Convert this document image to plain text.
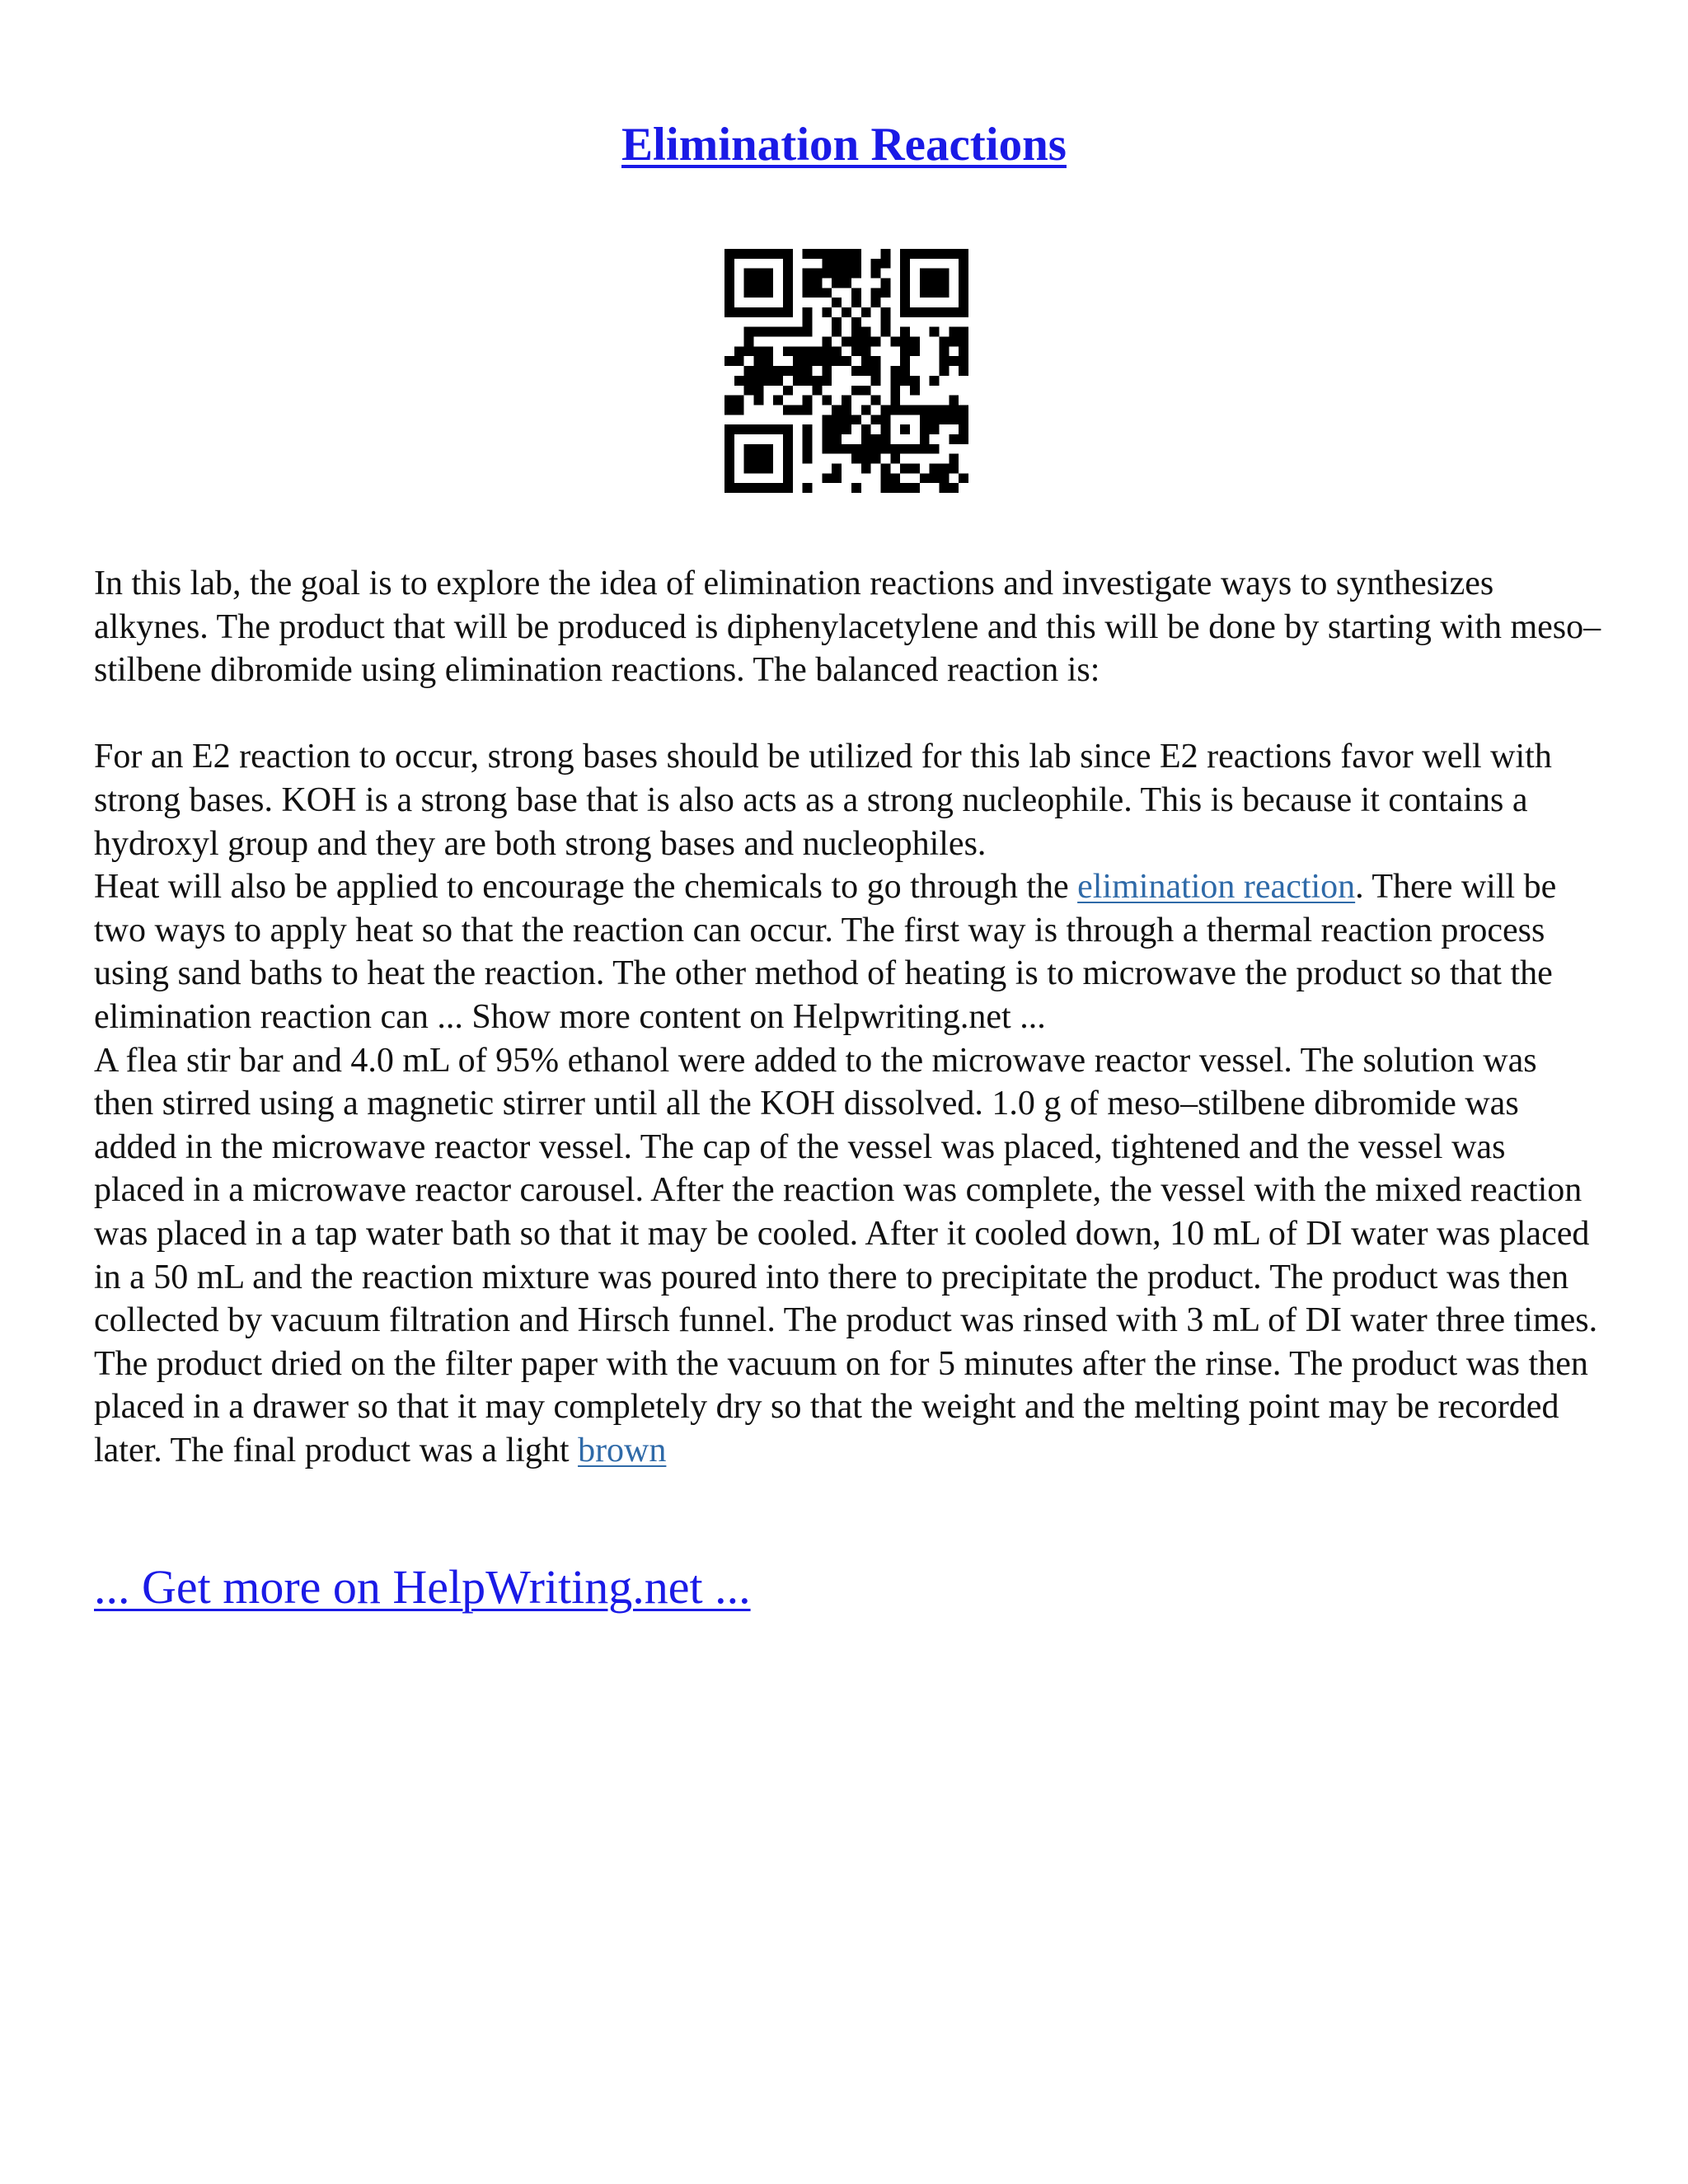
Elimination Reactions

In this lab, the goal is to explore the idea of elimination reactions and investigate ways to synthesizes alkynes. The product that will be produced is diphenylacetylene and this will be done by starting with meso–stilbene dibromide using elimination reactions. The balanced reaction is:

For an E2 reaction to occur, strong bases should be utilized for this lab since E2 reactions favor well with strong bases. KOH is a strong base that is also acts as a strong nucleophile. This is because it contains a hydroxyl group and they are both strong bases and nucleophiles.

Heat will also be applied to encourage the chemicals to go through the elimination reaction. There will be two ways to apply heat so that the reaction can occur. The first way is through a thermal reaction process using sand baths to heat the reaction. The other method of heating is to microwave the product so that the elimination reaction can ... Show more content on Helpwriting.net ...

A flea stir bar and 4.0 mL of 95% ethanol were added to the microwave reactor vessel. The solution was then stirred using a magnetic stirrer until all the KOH dissolved. 1.0 g of meso–stilbene dibromide was added in the microwave reactor vessel. The cap of the vessel was placed, tightened and the vessel was placed in a microwave reactor carousel. After the reaction was complete, the vessel with the mixed reaction was placed in a tap water bath so that it may be cooled. After it cooled down, 10 mL of DI water was placed in a 50 mL and the reaction mixture was poured into there to precipitate the product. The product was then collected by vacuum filtration and Hirsch funnel. The product was rinsed with 3 mL of DI water three times. The product dried on the filter paper with the vacuum on for 5 minutes after the rinse. The product was then placed in a drawer so that it may completely dry so that the weight and the melting point may be recorded later. The final product was a light brown

... Get more on HelpWriting.net ...
